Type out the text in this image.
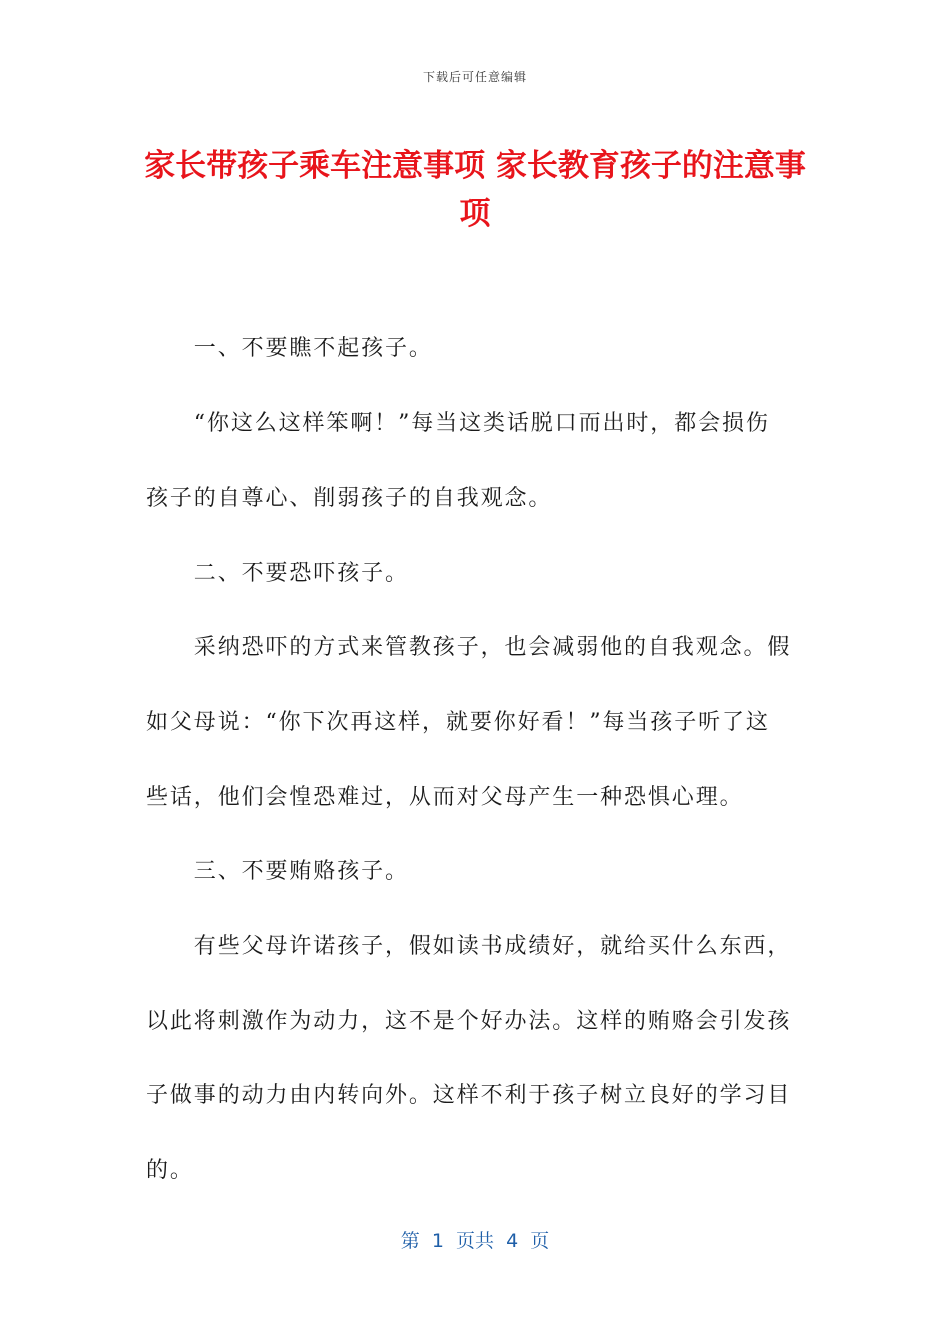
下载后可任意编辑
家长带孩子乘车注意事项 家长教育孩子的注意事项
　　一、不要瞧不起孩子。
　　“你这么这样笨啊！”每当这类话脱口而出时，都会损伤
孩子的自尊心、削弱孩子的自我观念。
　　二、不要恐吓孩子。
　　采纳恐吓的方式来管教孩子，也会减弱他的自我观念。假
如父母说：“你下次再这样，就要你好看！”每当孩子听了这
些话，他们会惶恐难过，从而对父母产生一种恐惧心理。
　　三、不要贿赂孩子。
　　有些父母许诺孩子，假如读书成绩好，就给买什么东西，
以此将刺激作为动力，这不是个好办法。这样的贿赂会引发孩
子做事的动力由内转向外。这样不利于孩子树立良好的学习目
的。
第  1  页共  4  页
